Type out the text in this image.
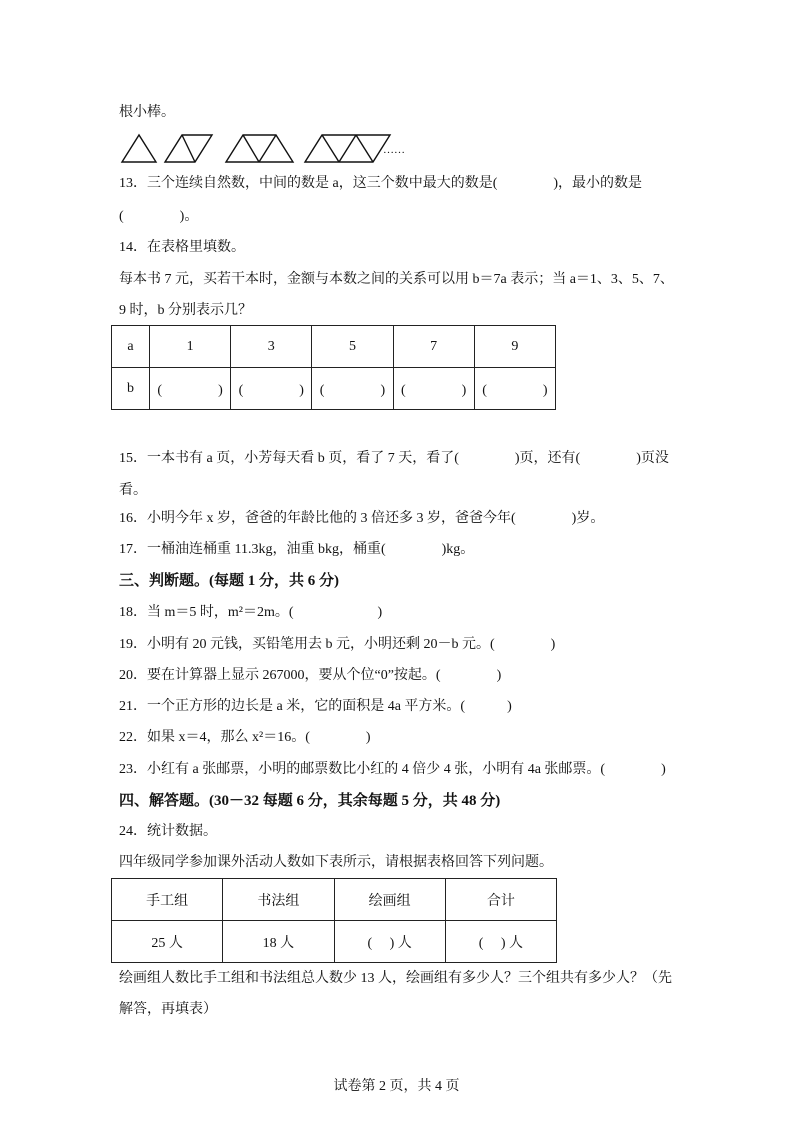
根小棒。
……
13．三个连续自然数，中间的数是 a，这三个数中最大的数是(　　　　)，最小的数是
(　　　　)。
14．在表格里填数。
每本书 7 元，买若干本时，金额与本数之间的关系可以用 b＝7a 表示；当 a＝1、3、5、7、
9 时，b 分别表示几？
a	1	3	5	7	9
b	(　　　　)	(　　　　)	(　　　　)	(　　　　)	(　　　　)
15．一本书有 a 页，小芳每天看 b 页，看了 7 天，看了(　　　　)页，还有(　　　　)页没
看。
16．小明今年 x 岁，爸爸的年龄比他的 3 倍还多 3 岁，爸爸今年(　　　　)岁。
17．一桶油连桶重 11.3kg，油重 bkg，桶重(　　　　)kg。
三、判断题。(每题 1 分，共 6 分)
18．当 m＝5 时，m²＝2m。(　　　　　　)
19．小明有 20 元钱，买铅笔用去 b 元，小明还剩 20－b 元。(　　　　)
20．要在计算器上显示 267000，要从个位“0”按起。(　　　　)
21．一个正方形的边长是 a 米，它的面积是 4a 平方米。(　　　)
22．如果 x＝4，那么 x²＝16。(　　　　)
23．小红有 a 张邮票，小明的邮票数比小红的 4 倍少 4 张，小明有 4a 张邮票。(　　　　)
四、解答题。(30－32 每题 6 分，其余每题 5 分，共 48 分)
24．统计数据。
四年级同学参加课外活动人数如下表所示，请根据表格回答下列问题。
手工组	书法组	绘画组	合计
25 人	18 人	(　 ) 人	(　 ) 人
绘画组人数比手工组和书法组总人数少 13 人，绘画组有多少人？三个组共有多少人？（先
解答，再填表）
试卷第 2 页，共 4 页
